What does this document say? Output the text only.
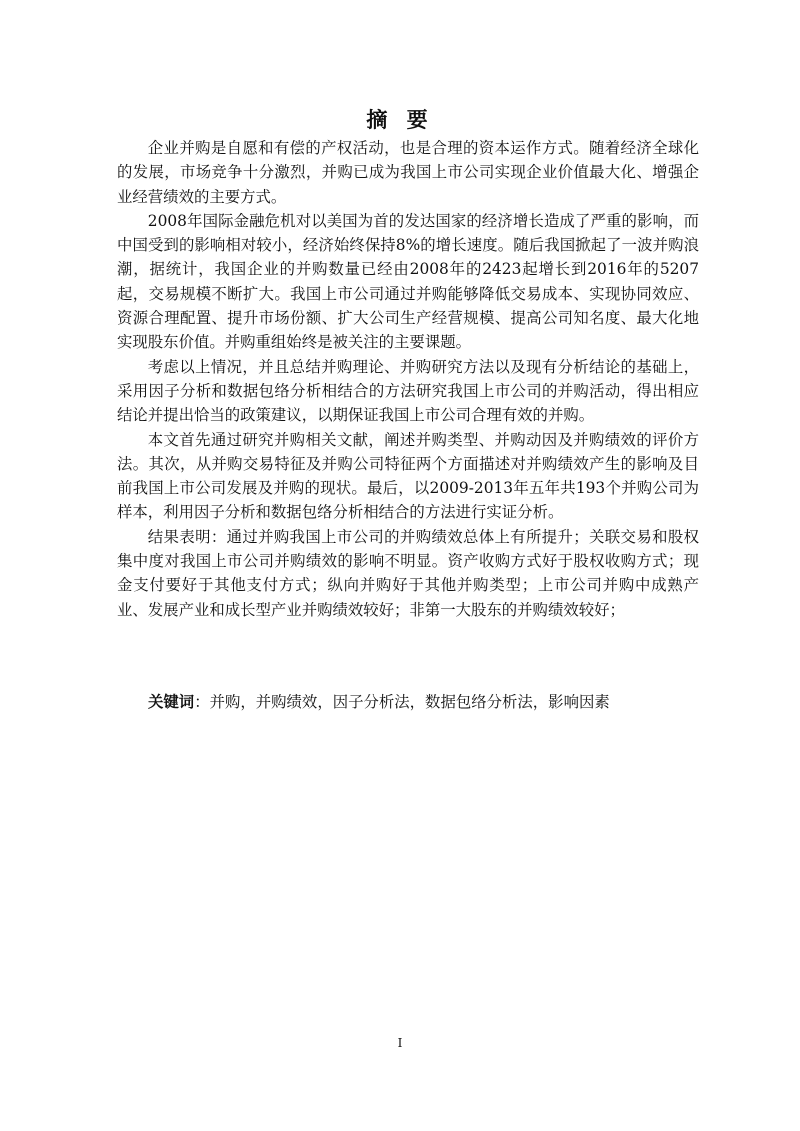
摘 要

企业并购是自愿和有偿的产权活动，也是合理的资本运作方式。随着经济全球化的发展，市场竞争十分激烈，并购已成为我国上市公司实现企业价值最大化、增强企业经营绩效的主要方式。

2008年国际金融危机对以美国为首的发达国家的经济增长造成了严重的影响，而中国受到的影响相对较小，经济始终保持8%的增长速度。随后我国掀起了一波并购浪潮，据统计，我国企业的并购数量已经由2008年的2423起增长到2016年的5207起，交易规模不断扩大。我国上市公司通过并购能够降低交易成本、实现协同效应、资源合理配置、提升市场份额、扩大公司生产经营规模、提高公司知名度、最大化地实现股东价值。并购重组始终是被关注的主要课题。

考虑以上情况，并且总结并购理论、并购研究方法以及现有分析结论的基础上，采用因子分析和数据包络分析相结合的方法研究我国上市公司的并购活动，得出相应结论并提出恰当的政策建议，以期保证我国上市公司合理有效的并购。

本文首先通过研究并购相关文献，阐述并购类型、并购动因及并购绩效的评价方法。其次，从并购交易特征及并购公司特征两个方面描述对并购绩效产生的影响及目前我国上市公司发展及并购的现状。最后，以2009-2013年五年共193个并购公司为样本，利用因子分析和数据包络分析相结合的方法进行实证分析。

结果表明：通过并购我国上市公司的并购绩效总体上有所提升；关联交易和股权集中度对我国上市公司并购绩效的影响不明显。资产收购方式好于股权收购方式；现金支付要好于其他支付方式；纵向并购好于其他并购类型；上市公司并购中成熟产业、发展产业和成长型产业并购绩效较好；非第一大股东的并购绩效较好；

关键词：并购，并购绩效，因子分析法，数据包络分析法，影响因素
I
